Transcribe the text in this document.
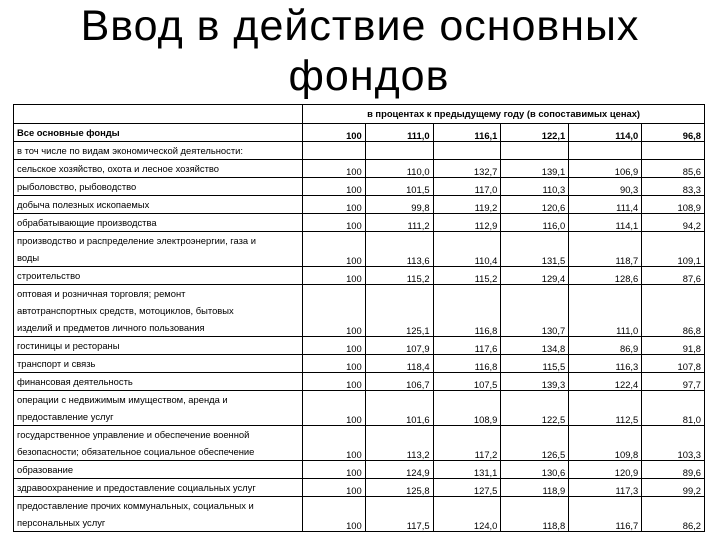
Ввод в действие основных
фондов
	в процентах к предыдущему году (в сопоставимых ценах)					

Все основные фонды	100	111,0	116,1	122,1	114,0	96,8

в точ числе по видам экономической деятельности:						

сельское хозяйство, охота и лесное хозяйство	100	110,0	132,7	139,1	106,9	85,6

рыболовство, рыбоводство	100	101,5	117,0	110,3	90,3	83,3

добыча полезных ископаемых	100	99,8	119,2	120,6	111,4	108,9

обрабатывающие производства	100	111,2	112,9	116,0	114,1	94,2

производство и распределение электроэнергии, газа и
воды	100	113,6	110,4	131,5	118,7	109,1

строительство	100	115,2	115,2	129,4	128,6	87,6

оптовая и розничная торговля; ремонт
автотранспортных средств, мотоциклов, бытовых
изделий и предметов личного пользования	100	125,1	116,8	130,7	111,0	86,8

гостиницы и рестораны	100	107,9	117,6	134,8	86,9	91,8

транспорт и связь	100	118,4	116,8	115,5	116,3	107,8

финансовая деятельность	100	106,7	107,5	139,3	122,4	97,7

операции с недвижимым имуществом, аренда и
предоставление услуг	100	101,6	108,9	122,5	112,5	81,0

государственное управление и обеспечение военной
безопасности; обязательное социальное обеспечение	100	113,2	117,2	126,5	109,8	103,3

образование	100	124,9	131,1	130,6	120,9	89,6

здравоохранение и предоставление социальных услуг	100	125,8	127,5	118,9	117,3	99,2

предоставление прочих коммунальных, социальных и
персональных услуг	100	117,5	124,0	118,8	116,7	86,2
